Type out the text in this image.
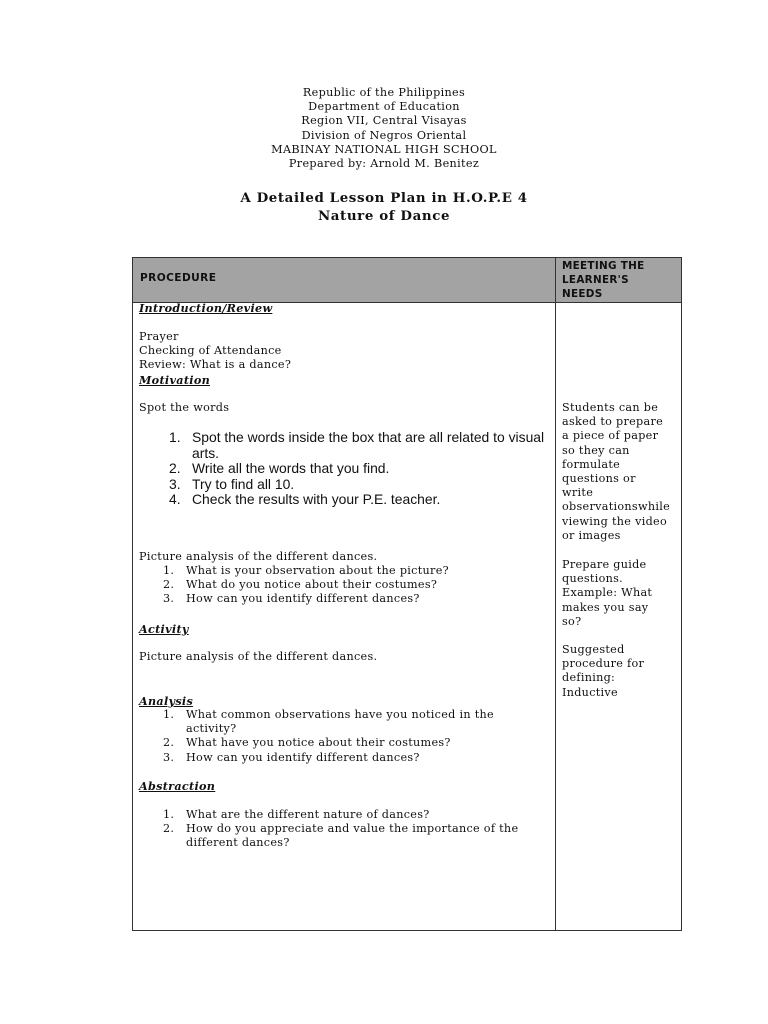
Republic of the Philippines
Department of Education
Region VII, Central Visayas
Division of Negros Oriental
MABINAY NATIONAL HIGH SCHOOL
Prepared by: Arnold M. Benitez
A Detailed Lesson Plan in H.O.P.E 4
Nature of Dance
PROCEDURE
MEETING THE
LEARNER'S
NEEDS
Introduction/Review
Prayer
Checking of Attendance
Review: What is a dance?
Motivation
Spot the words
1. Spot the words inside the box that are all related to visual
arts.
2. Write all the words that you find.
3. Try to find all 10.
4. Check the results with your P.E. teacher.
Picture analysis of the different dances.
1. What is your observation about the picture?
2. What do you notice about their costumes?
3. How can you identify different dances?
Activity
Picture analysis of the different dances.
Analysis
1. What common observations have you noticed in the
activity?
2. What have you notice about their costumes?
3. How can you identify different dances?
Abstraction
1. What are the different nature of dances?
2. How do you appreciate and value the importance of the
different dances?
Students can be
asked to prepare
a piece of paper
so they can
formulate
questions or
write
observationswhile
viewing the video
or images
Prepare guide
questions.
Example: What
makes you say
so?
Suggested
procedure for
defining:
Inductive
